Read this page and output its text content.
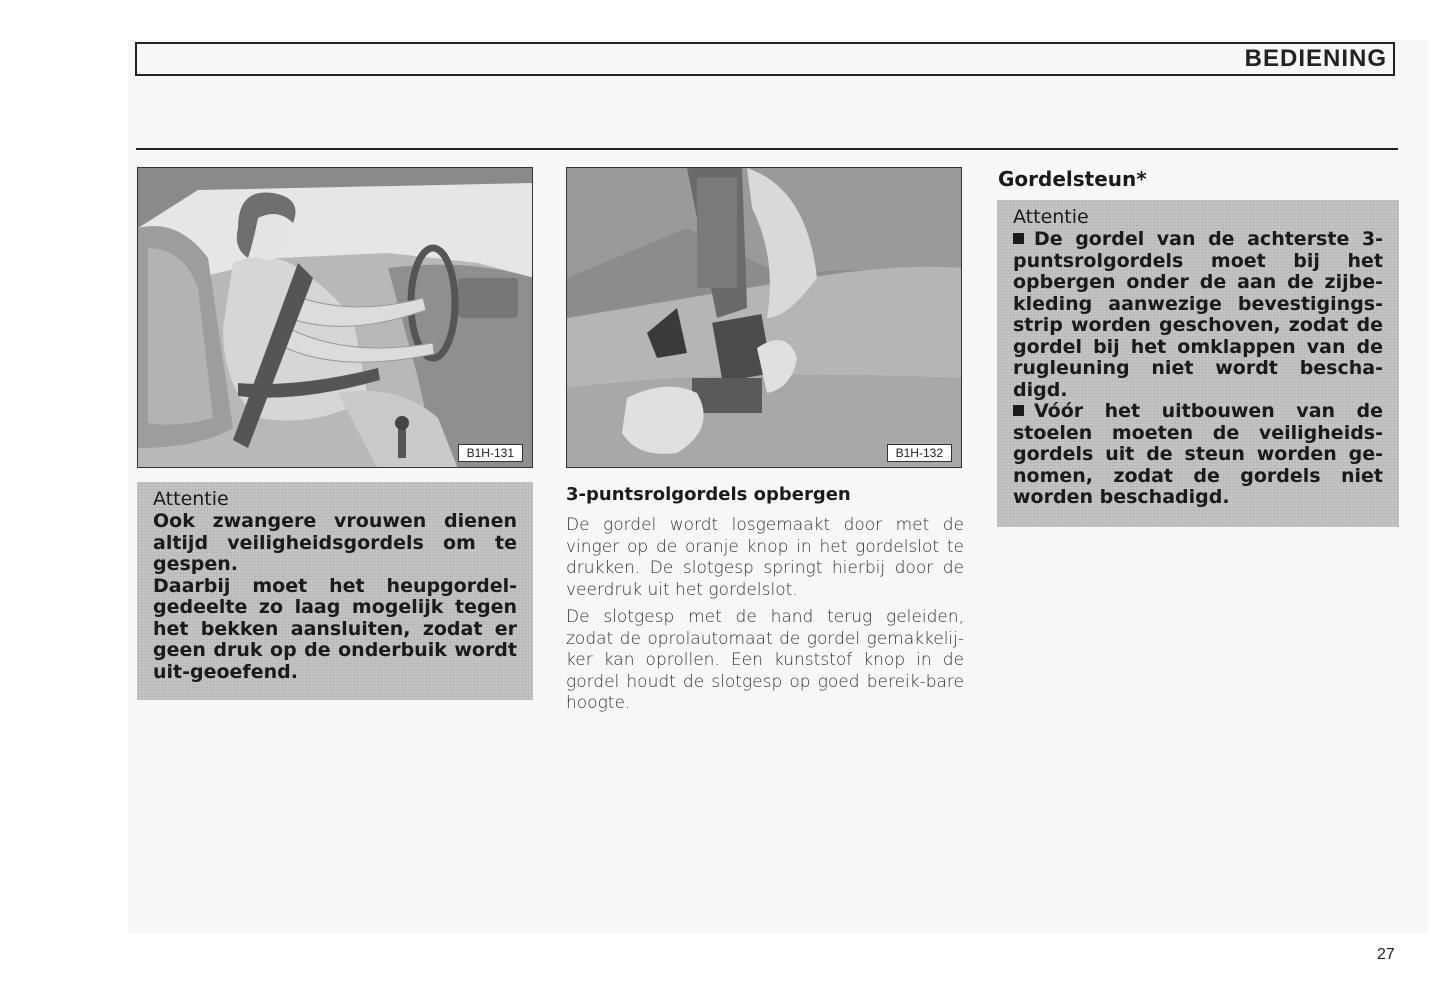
BEDIENING
B1H-131	B1H-132
Attentie

Ook zwangere vrouwen dienen altijd veiligheidsgordels om te gespen.

Daarbij moet het heupgordel-gedeelte zo laag mogelijk tegen het bekken aansluiten, zodat er geen druk op de onderbuik wordt uit-geoefend.

3-puntsrolgordels opbergen

De gordel wordt losgemaakt door met de vinger op de oranje knop in het gordelslot te drukken. De slotgesp springt hierbij door de veerdruk uit het gordelslot.

De slotgesp met de hand terug geleiden, zodat de oprolautomaat de gordel gemakkelij-ker kan oprollen. Een kunststof knop in de gordel houdt de slotgesp op goed bereik-bare hoogte.

Gordelsteun*
Attentie

De gordel van de achterste 3-puntsrolgordels moet bij het opbergen onder de aan de zijbe-kleding aanwezige bevestigings-strip worden geschoven, zodat de gordel bij het omklappen van de rugleuning niet wordt bescha-digd.

Vóór het uitbouwen van de stoelen moeten de veiligheids-gordels uit de steun worden ge-nomen, zodat de gordels niet worden beschadigd.

27
